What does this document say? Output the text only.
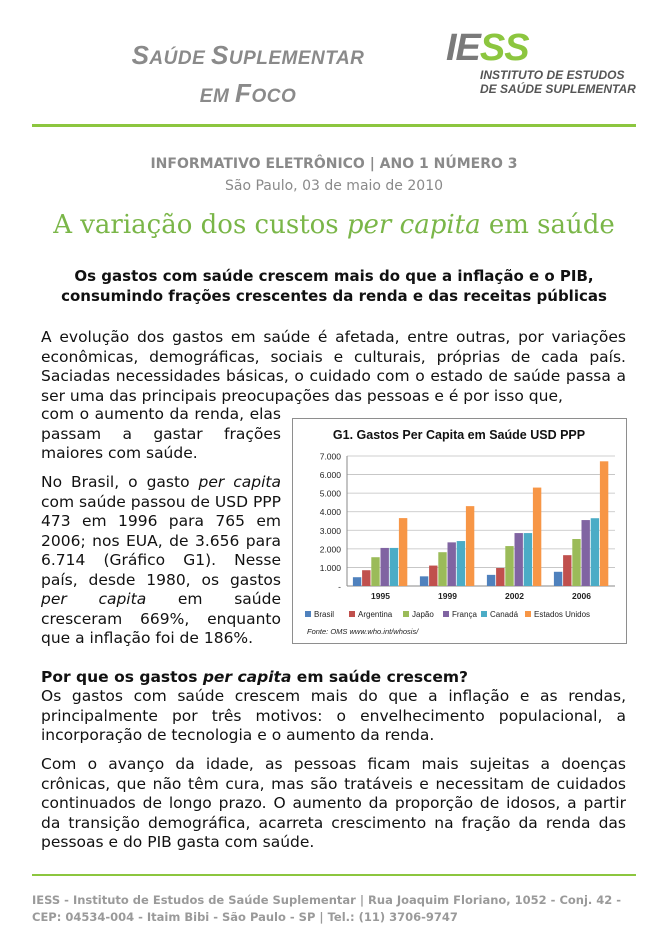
SAÚDE SUPLEMENTAR
EM FOCO
IESS
INSTITUTO DE ESTUDOS
DE SAÚDE SUPLEMENTAR
INFORMATIVO ELETRÔNICO | ANO 1 NÚMERO 3
São Paulo, 03 de maio de 2010
A variação dos custos per capita em saúde
Os gastos com saúde crescem mais do que a inflação e o PIB,
consumindo frações crescentes da renda e das receitas públicas
A evolução dos gastos em saúde é afetada, entre outras, por variações econômicas, demográficas, sociais e culturais, próprias de cada país. Saciadas necessidades básicas, o cuidado com o estado de saúde passa a ser uma das principais preocupações das pessoas e é por isso que,
com o aumento da renda, elas passam a gastar frações maiores com saúde.
No Brasil, o gasto per capita com saúde passou de USD PPP 473 em 1996 para 765 em 2006; nos EUA, de 3.656 para 6.714 (Gráfico G1). Nesse país, desde 1980, os gastos per capita em saúde cresceram 669%, enquanto que a inflação foi de 186%.
G1. Gastos Per Capita em Saúde USD PPP
-
1.000
2.000
3.000
4.000
5.000
6.000
7.000
1995	1999	2002	2006
Brasil	Argentina Japão França Canadá Estados Unidos
Fonte: OMS www.who.int/whosis/
Por que os gastos per capita em saúde crescem?
Os gastos com saúde crescem mais do que a inflação e as rendas, principalmente por três motivos: o envelhecimento populacional, a incorporação de tecnologia e o aumento da renda.
Com o avanço da idade, as pessoas ficam mais sujeitas a doenças crônicas, que não têm cura, mas são tratáveis e necessitam de cuidados continuados de longo prazo. O aumento da proporção de idosos, a partir da transição demográfica, acarreta crescimento na fração da renda das pessoas e do PIB gasta com saúde.
IESS - Instituto de Estudos de Saúde Suplementar | Rua Joaquim Floriano, 1052 - Conj. 42 -
CEP: 04534-004 - Itaim Bibi - São Paulo - SP | Tel.: (11) 3706-9747
